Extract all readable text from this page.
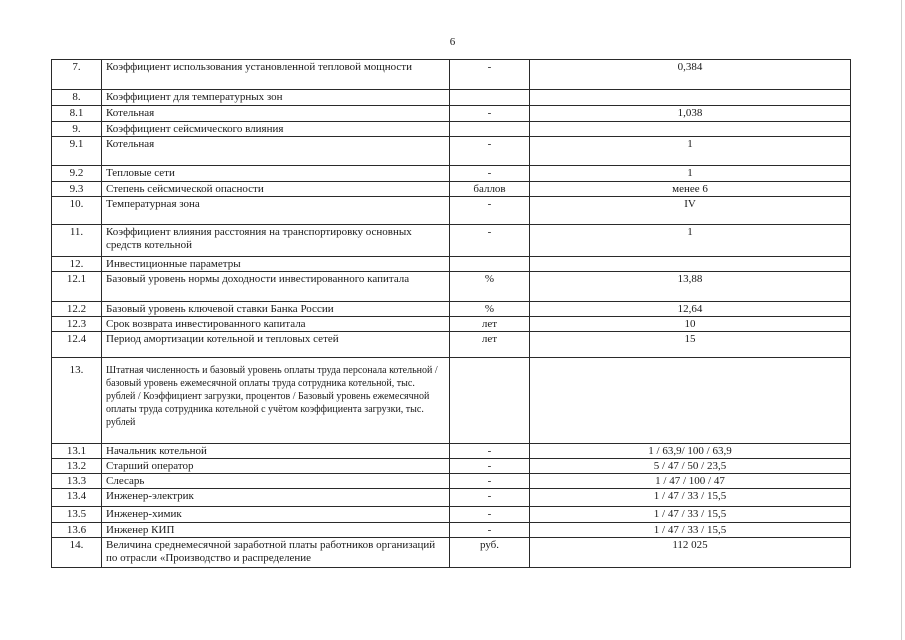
6
7.	Коэффициент использования установленной тепловой мощности	-	0,384
8.	Коэффициент для температурных зон		
8.1	Котельная	-	1,038
9.	Коэффициент сейсмического влияния		
9.1	Котельная	-	1
9.2	Тепловые сети	-	1
9.3	Степень сейсмической опасности	баллов	менее 6
10.	Температурная зона	-	IV
11.	Коэффициент влияния расстояния на транспортировку основных средств котельной	-	1
12.	Инвестиционные параметры		
12.1	Базовый уровень нормы доходности инвестированного капитала	%	13,88
12.2	Базовый уровень ключевой ставки Банка России	%	12,64
12.3	Срок возврата инвестированного капитала	лет	10
12.4	Период амортизации котельной и тепловых сетей	лет	15
13.	Штатная численность и базовый уровень оплаты труда персонала котельной / базовый уровень ежемесячной оплаты труда сотрудника котельной, тыс. рублей / Коэффициент загрузки, процентов / Базовый уровень ежемесячной оплаты труда сотрудника котельной с учётом коэффициента загрузки, тыс. рублей		
13.1	Начальник котельной	-	1 / 63,9/ 100 / 63,9
13.2	Старший оператор	-	5 / 47 / 50 / 23,5
13.3	Слесарь	-	1 / 47 / 100 / 47
13.4	Инженер-электрик	-	1 / 47 / 33 / 15,5
13.5	Инженер-химик	-	1 / 47 / 33 / 15,5
13.6	Инженер КИП	-	1 / 47 / 33 / 15,5
14.	Величина среднемесячной заработной платы работников организаций по отрасли «Производство и распределение	руб.	112 025
